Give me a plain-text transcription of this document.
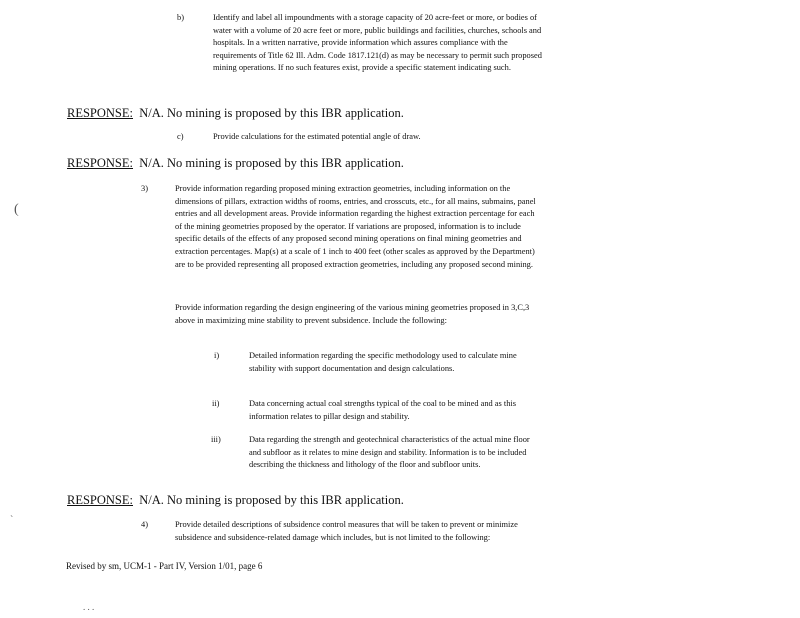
b)	Identify and label all impoundments with a storage capacity of 20 acre-feet or more, or bodies of water with a volume of 20 acre feet or more, public buildings and facilities, churches, schools and hospitals. In a written narrative, provide information which assures compliance with the requirements of Title 62 Ill. Adm. Code 1817.121(d) as may be necessary to permit such proposed mining operations. If no such features exist, provide a specific statement indicating such.
RESPONSE: N/A. No mining is proposed by this IBR application.
c)	Provide calculations for the estimated potential angle of draw.
RESPONSE: N/A. No mining is proposed by this IBR application.
3)	Provide information regarding proposed mining extraction geometries, including information on the dimensions of pillars, extraction widths of rooms, entries, and crosscuts, etc., for all mains, submains, panel entries and all development areas. Provide information regarding the highest extraction percentage for each of the mining geometries proposed by the operator. If variations are proposed, information is to include specific details of the effects of any proposed second mining operations on final mining geometries and extraction percentages. Map(s) at a scale of 1 inch to 400 feet (other scales as approved by the Department) are to be provided representing all proposed extraction geometries, including any proposed second mining.
Provide information regarding the design engineering of the various mining geometries proposed in 3,C,3 above in maximizing mine stability to prevent subsidence. Include the following:
i)	Detailed information regarding the specific methodology used to calculate mine stability with support documentation and design calculations.
ii)	Data concerning actual coal strengths typical of the coal to be mined and as this information relates to pillar design and stability.
iii)	Data regarding the strength and geotechnical characteristics of the actual mine floor and subfloor as it relates to mine design and stability. Information is to be included describing the thickness and lithology of the floor and subfloor units.
RESPONSE: N/A. No mining is proposed by this IBR application.
4)	Provide detailed descriptions of subsidence control measures that will be taken to prevent or minimize subsidence and subsidence-related damage which includes, but is not limited to the following:
Revised by sm, UCM-1 - Part IV, Version 1/01, page 6
(
`
. . .
